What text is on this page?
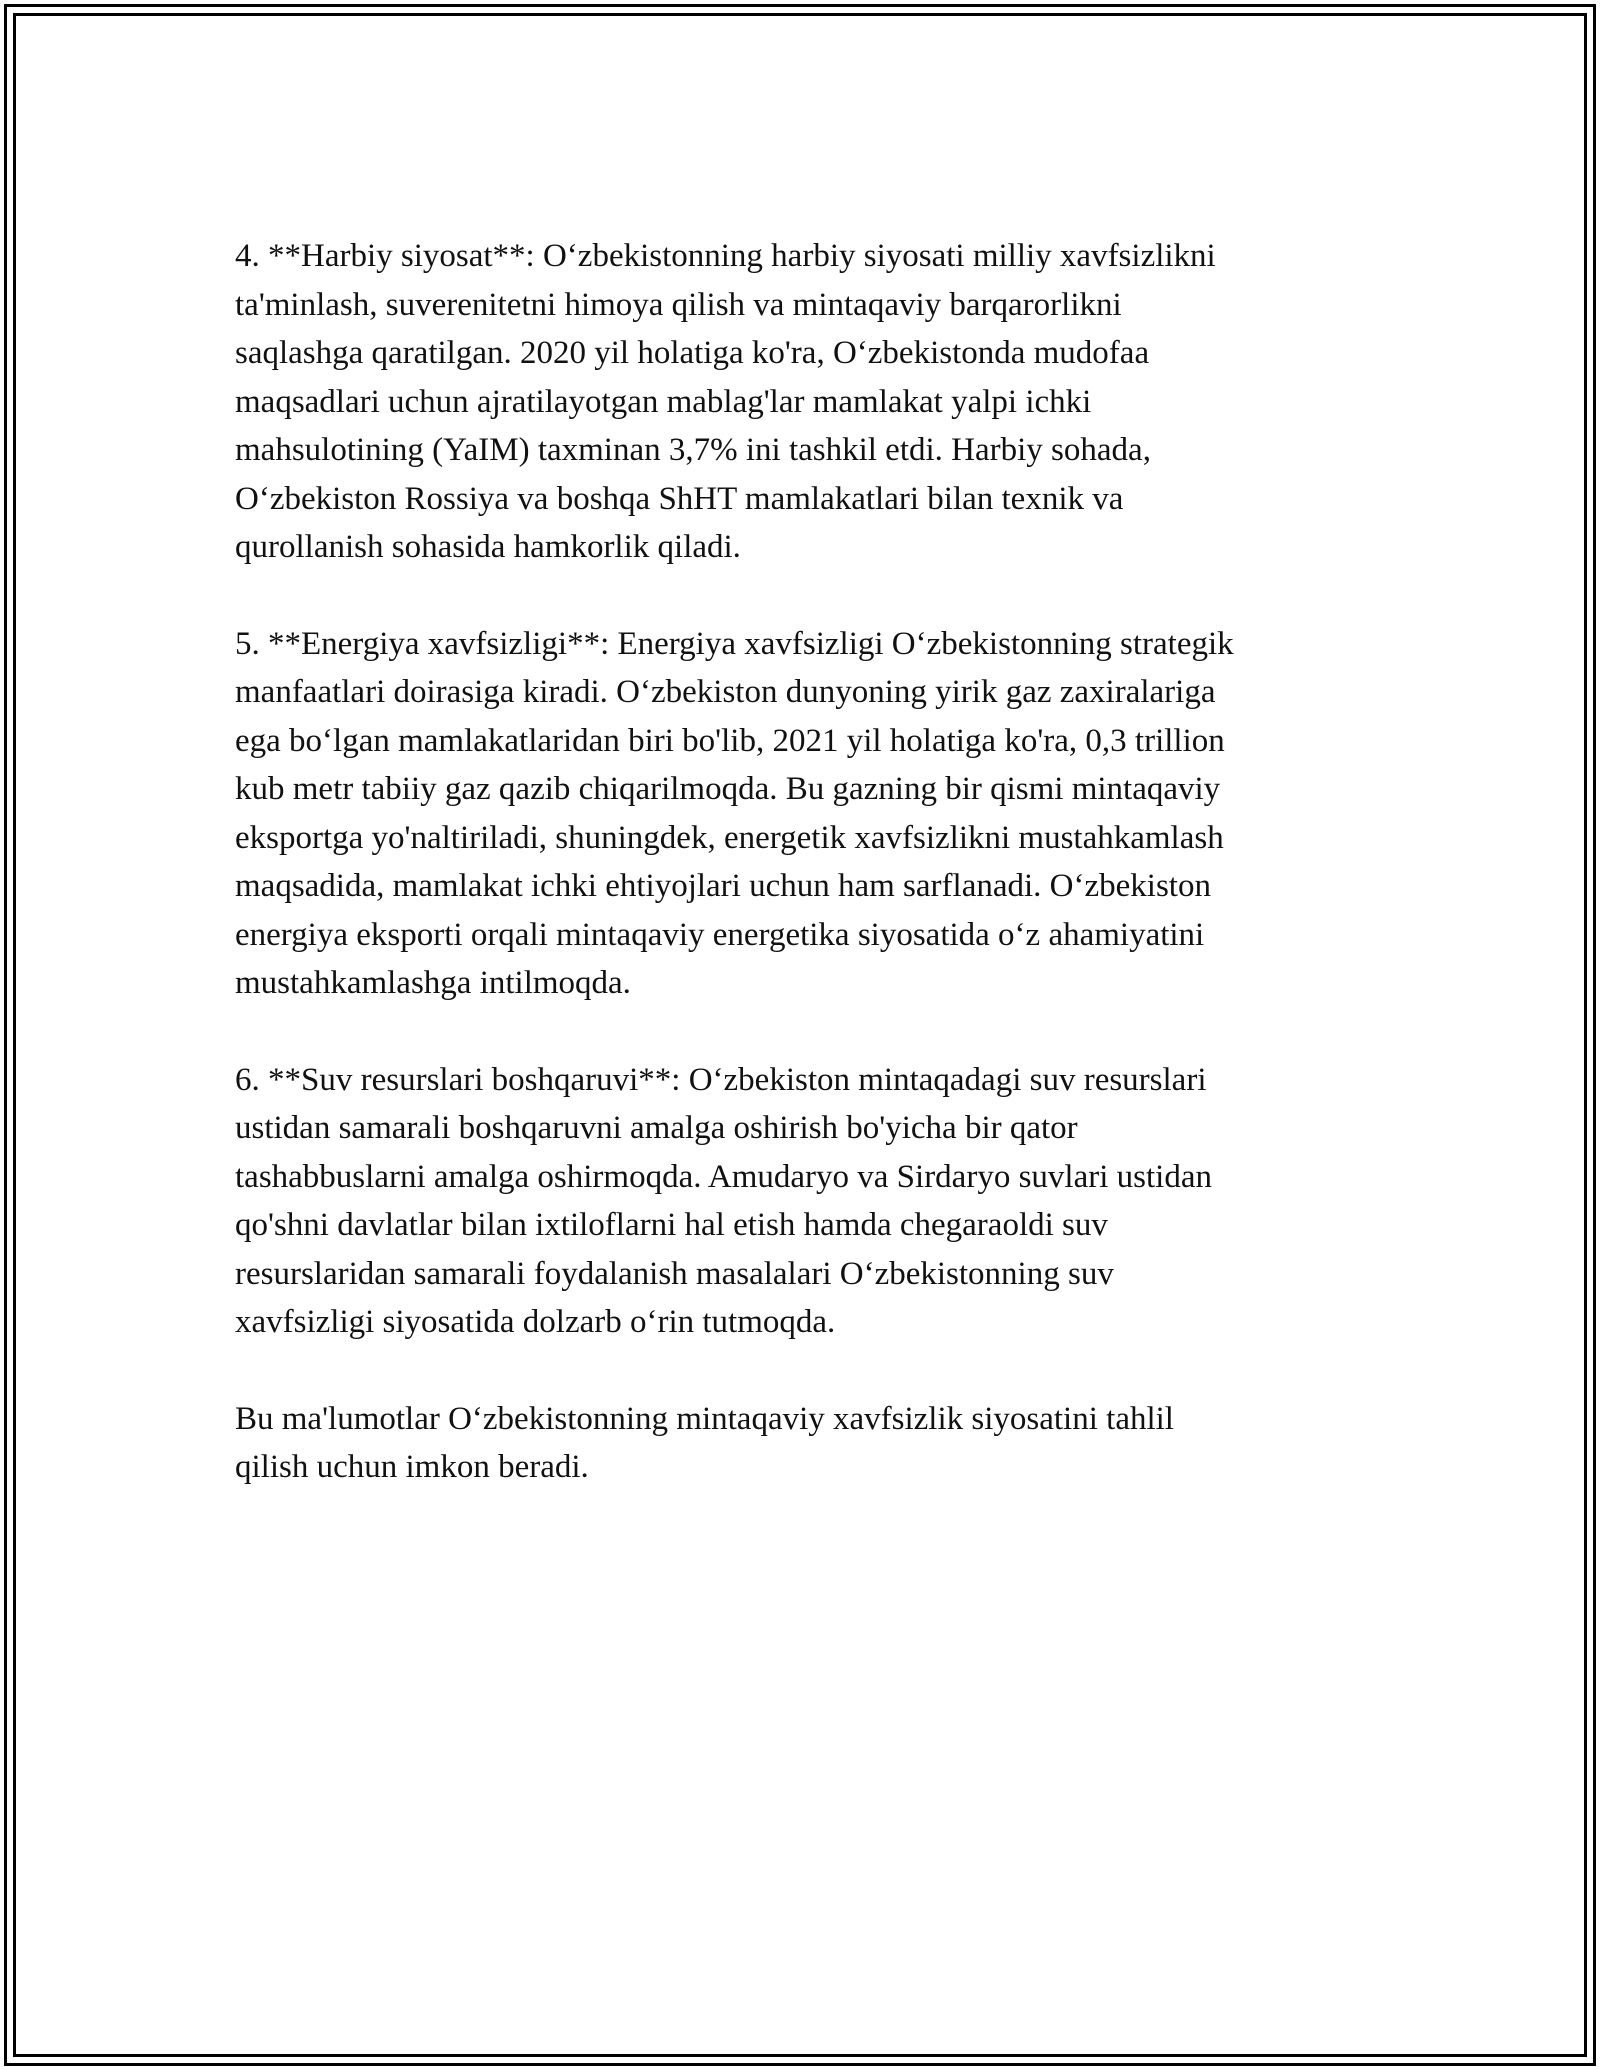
4. **Harbiy siyosat**: O‘zbekistonning harbiy siyosati milliy xavfsizlikni
ta'minlash, suverenitetni himoya qilish va mintaqaviy barqarorlikni
saqlashga qaratilgan. 2020 yil holatiga ko'ra, O‘zbekistonda mudofaa
maqsadlari uchun ajratilayotgan mablag'lar mamlakat yalpi ichki
mahsulotining (YaIM) taxminan 3,7% ini tashkil etdi. Harbiy sohada,
O‘zbekiston Rossiya va boshqa ShHT mamlakatlari bilan texnik va
qurollanish sohasida hamkorlik qiladi.

5. **Energiya xavfsizligi**: Energiya xavfsizligi O‘zbekistonning strategik
manfaatlari doirasiga kiradi. O‘zbekiston dunyoning yirik gaz zaxiralariga
ega bo‘lgan mamlakatlaridan biri bo'lib, 2021 yil holatiga ko'ra, 0,3 trillion
kub metr tabiiy gaz qazib chiqarilmoqda. Bu gazning bir qismi mintaqaviy
eksportga yo'naltiriladi, shuningdek, energetik xavfsizlikni mustahkamlash
maqsadida, mamlakat ichki ehtiyojlari uchun ham sarflanadi. O‘zbekiston
energiya eksporti orqali mintaqaviy energetika siyosatida o‘z ahamiyatini
mustahkamlashga intilmoqda.

6. **Suv resurslari boshqaruvi**: O‘zbekiston mintaqadagi suv resurslari
ustidan samarali boshqaruvni amalga oshirish bo'yicha bir qator
tashabbuslarni amalga oshirmoqda. Amudaryo va Sirdaryo suvlari ustidan
qo'shni davlatlar bilan ixtiloflarni hal etish hamda chegaraoldi suv
resurslaridan samarali foydalanish masalalari O‘zbekistonning suv
xavfsizligi siyosatida dolzarb o‘rin tutmoqda.

Bu ma'lumotlar O‘zbekistonning mintaqaviy xavfsizlik siyosatini tahlil
qilish uchun imkon beradi.
